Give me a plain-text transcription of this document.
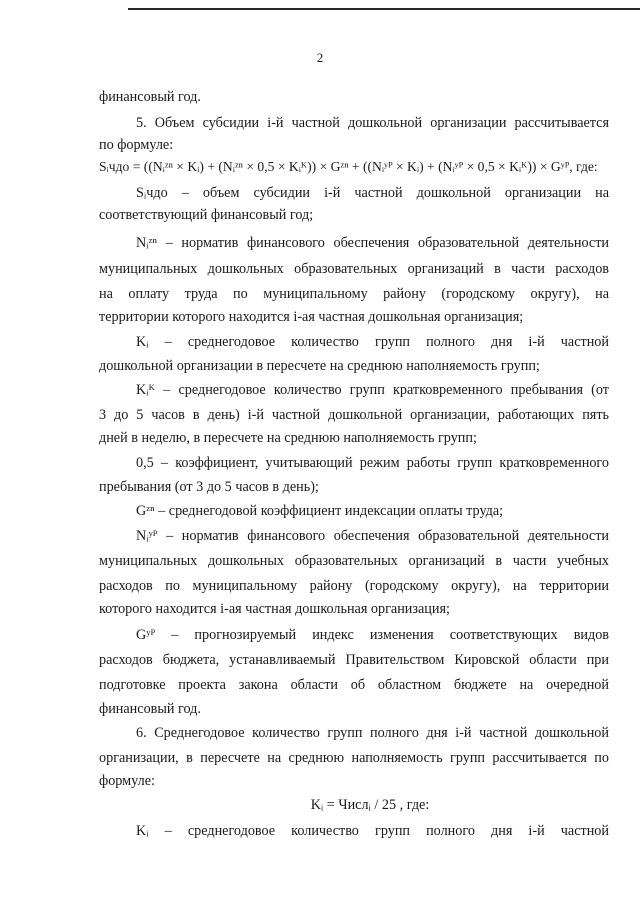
2
финансовый год.
5. Объем субсидии i-й частной дошкольной организации рассчитывается
по формуле:
Sᵢчдо = ((Nᵢᶻⁿ × Kᵢ) + (Nᵢᶻⁿ × 0,5 × Kᵢᴷ)) × Gᶻⁿ + ((Nᵢʸᴾ × Kᵢ) + (Nᵢʸᴾ × 0,5 × Kᵢᴷ)) × Gʸᴾ, где:
Sᵢчдо – объем субсидии i-й частной дошкольной организации на
соответствующий финансовый год;
Nᵢᶻⁿ – норматив финансового обеспечения образовательной деятельности
муниципальных дошкольных образовательных организаций в части расходов
на оплату труда по муниципальному району (городскому округу), на
территории которого находится i-ая частная дошкольная организация;
Kᵢ – среднегодовое количество групп полного дня i-й частной
дошкольной организации в пересчете на среднюю наполняемость групп;
Kᵢᴷ – среднегодовое количество групп кратковременного пребывания (от
3 до 5 часов в день) i-й частной дошкольной организации, работающих пять
дней в неделю, в пересчете на среднюю наполняемость групп;
0,5 – коэффициент, учитывающий режим работы групп кратковременного
пребывания (от 3 до 5 часов в день);
Gᶻⁿ – среднегодовой коэффициент индексации оплаты труда;
Nᵢʸᴾ – норматив финансового обеспечения образовательной деятельности
муниципальных дошкольных образовательных организаций в части учебных
расходов по муниципальному району (городскому округу), на территории
которого находится i-ая частная дошкольная организация;
Gʸᴾ – прогнозируемый индекс изменения соответствующих видов
расходов бюджета, устанавливаемый Правительством Кировской области при
подготовке проекта закона области об областном бюджете на очередной
финансовый год.
6. Среднегодовое количество групп полного дня i-й частной дошкольной
организации, в пересчете на среднюю наполняемость групп рассчитывается по
формуле:
Kᵢ = Числᵢ / 25 , где:
Kᵢ – среднегодовое количество групп полного дня i-й частной
